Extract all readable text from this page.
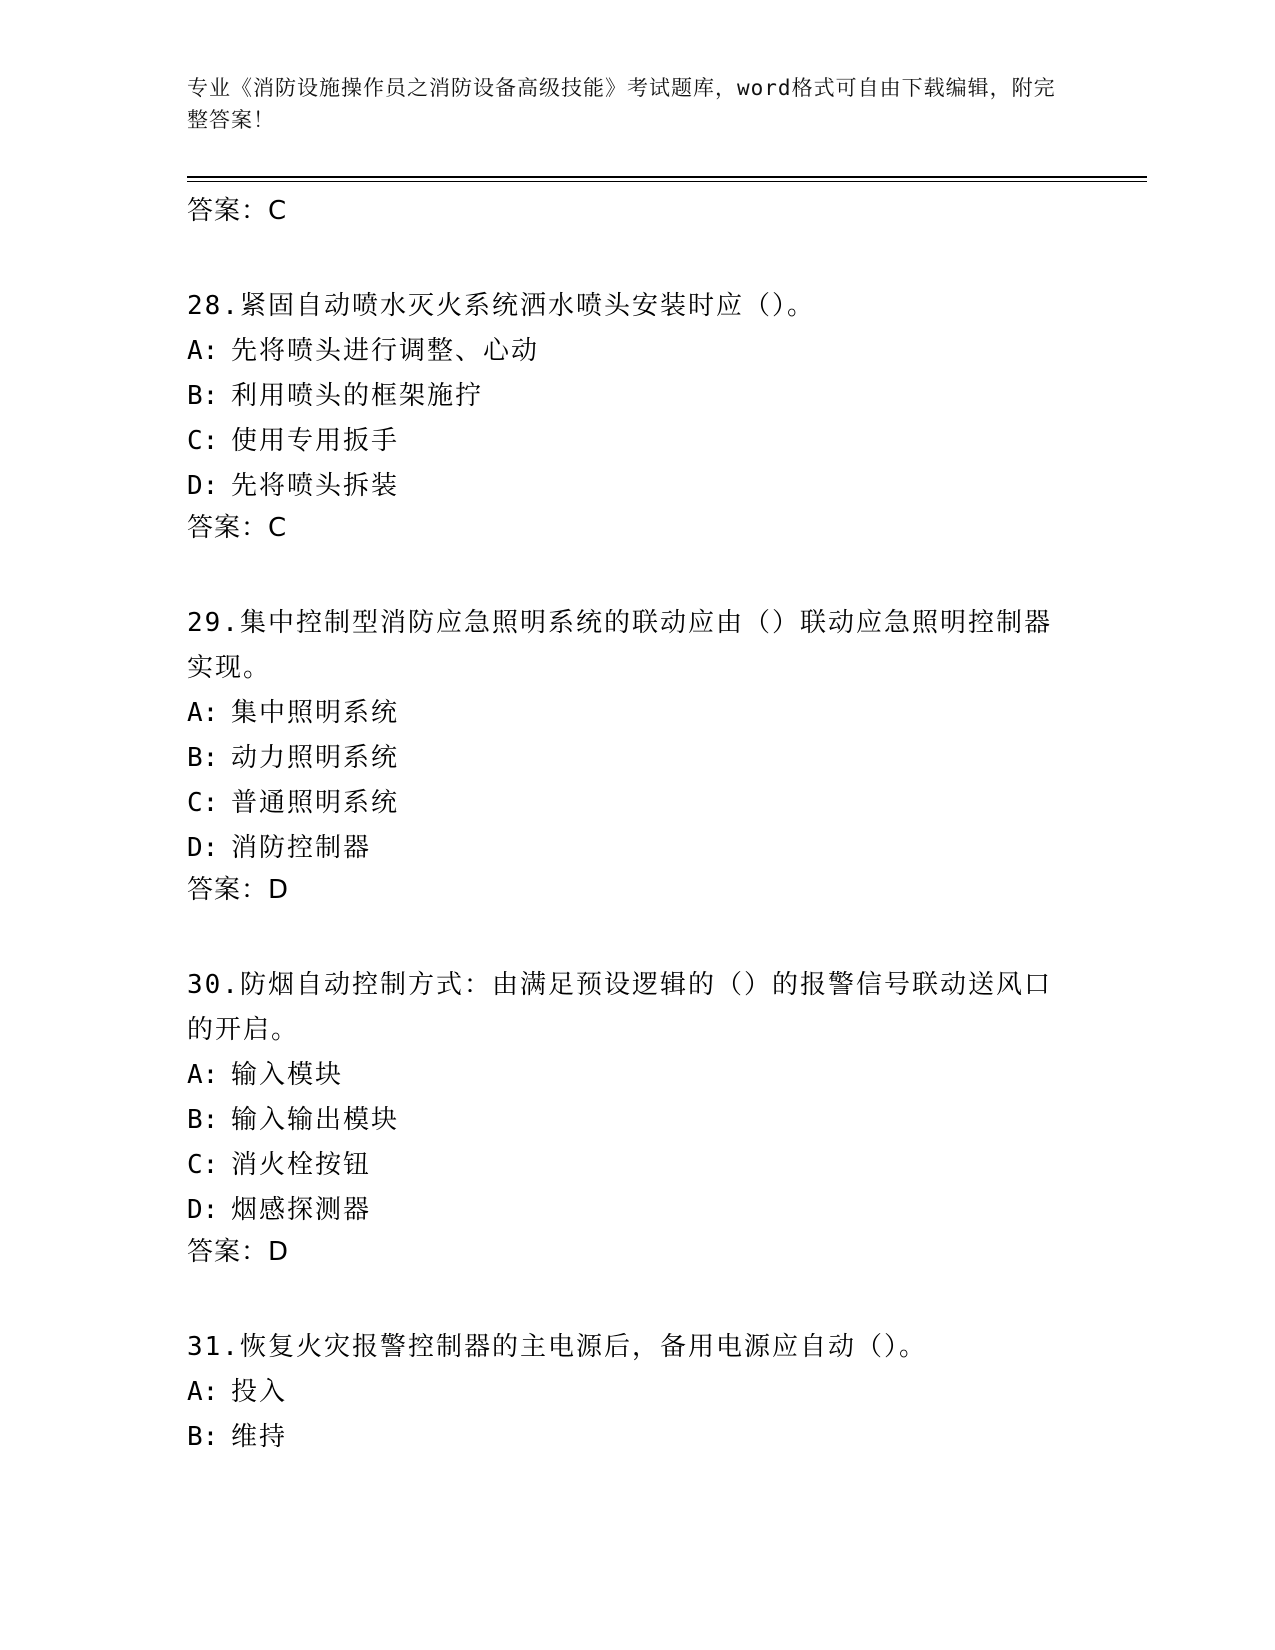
专业《消防设施操作员之消防设备高级技能》考试题库，word格式可自由下载编辑，附完整答案！
答案：C
28.紧固自动喷水灭火系统洒水喷头安装时应（）。
A: 先将喷头进行调整、心动
B: 利用喷头的框架施拧
C: 使用专用扳手
D: 先将喷头拆装
答案：C
29.集中控制型消防应急照明系统的联动应由（）联动应急照明控制器实现。
A: 集中照明系统
B: 动力照明系统
C: 普通照明系统
D: 消防控制器
答案：D
30.防烟自动控制方式：由满足预设逻辑的（）的报警信号联动送风口的开启。
A: 输入模块
B: 输入输出模块
C: 消火栓按钮
D: 烟感探测器
答案：D
31.恢复火灾报警控制器的主电源后，备用电源应自动（）。
A: 投入
B: 维持
